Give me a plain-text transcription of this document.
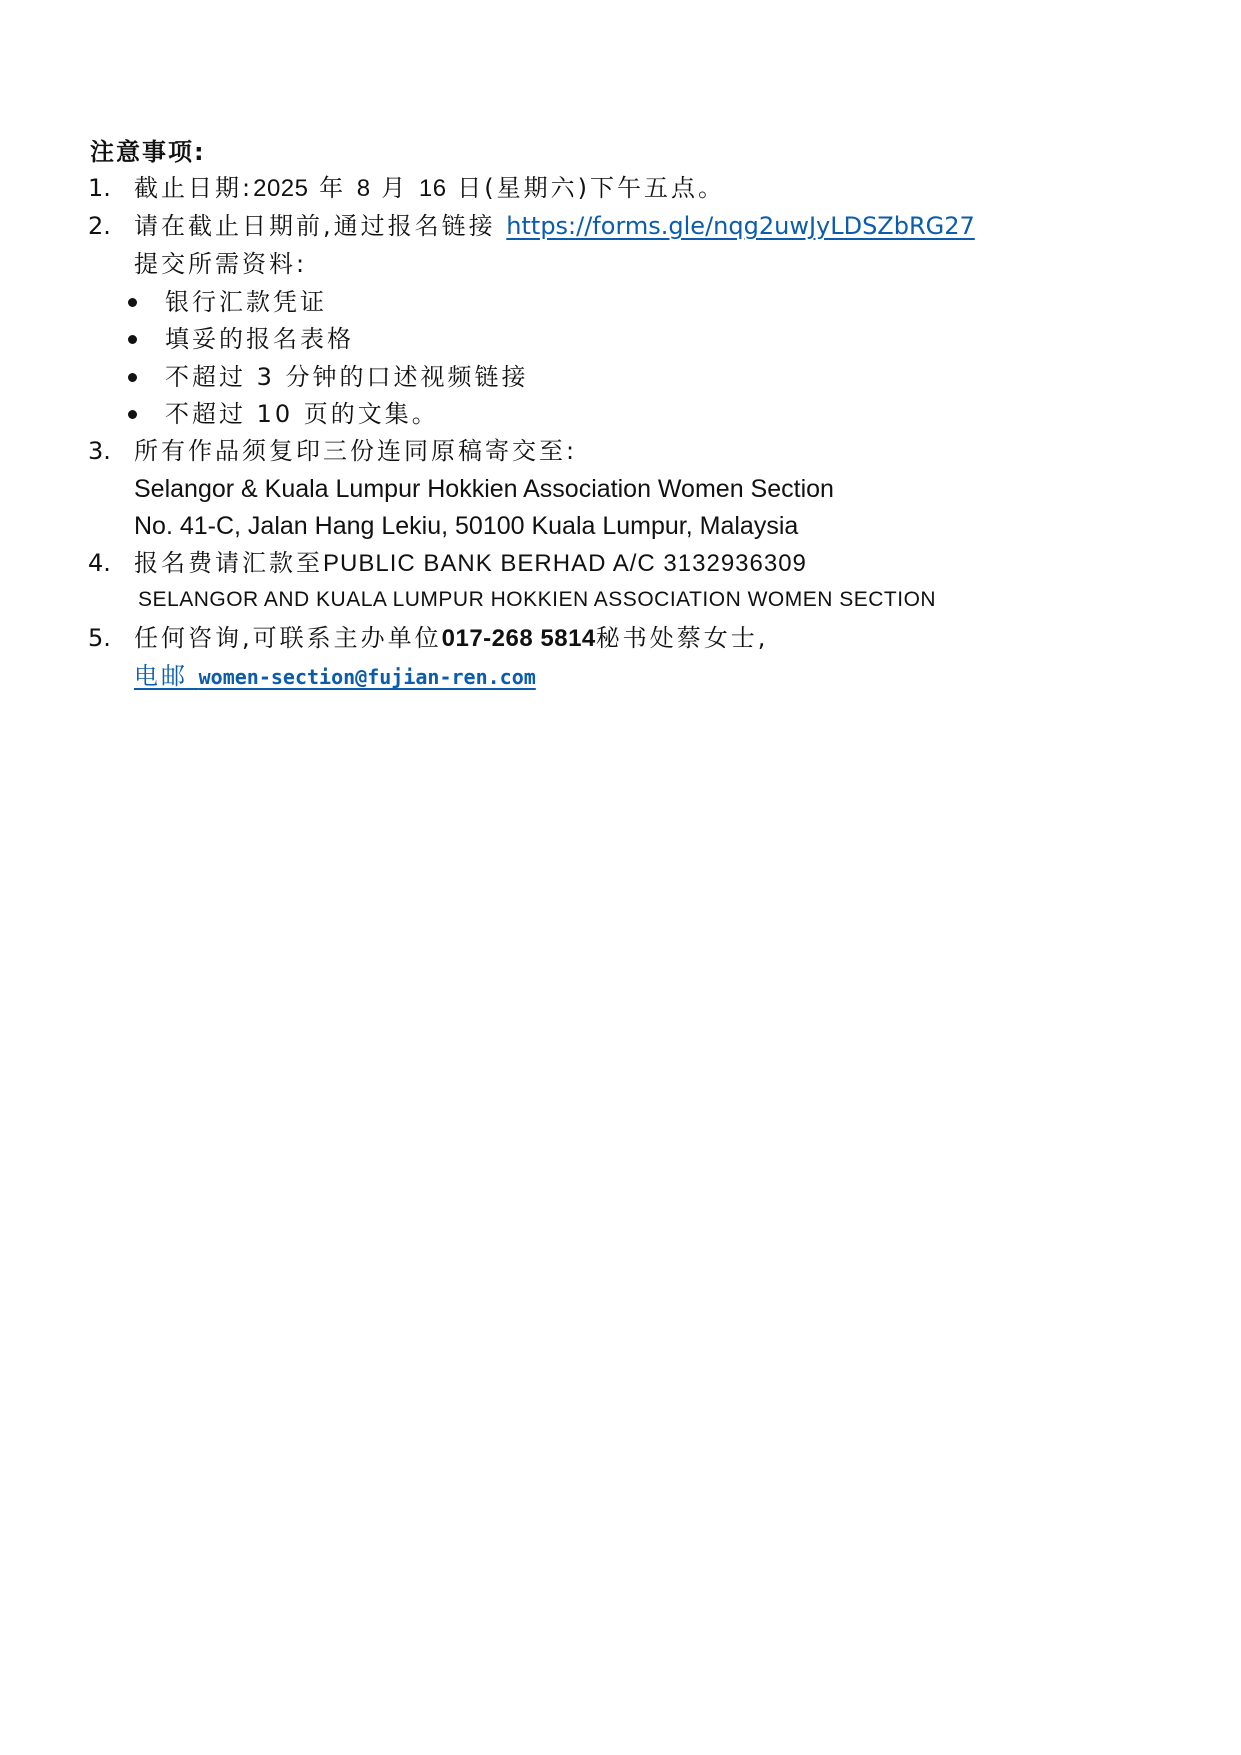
注意事项:
1. 截止日期:2025 年 8 月 16 日(星期六)下午五点。
2. 请在截止日期前,通过报名链接 https://forms.gle/nqg2uwJyLDSZbRG27
提交所需资料:
银行汇款凭证
填妥的报名表格
不超过 3 分钟的口述视频链接
不超过 10 页的文集。
3. 所有作品须复印三份连同原稿寄交至:
Selangor & Kuala Lumpur Hokkien Association Women Section
No. 41-C, Jalan Hang Lekiu, 50100 Kuala Lumpur, Malaysia
4. 报名费请汇款至PUBLIC BANK BERHAD A/C 3132936309
SELANGOR AND KUALA LUMPUR HOKKIEN ASSOCIATION WOMEN SECTION
5. 任何咨询,可联系主办单位017-268 5814秘书处蔡女士,
电邮 women-section@fujian-ren.com
